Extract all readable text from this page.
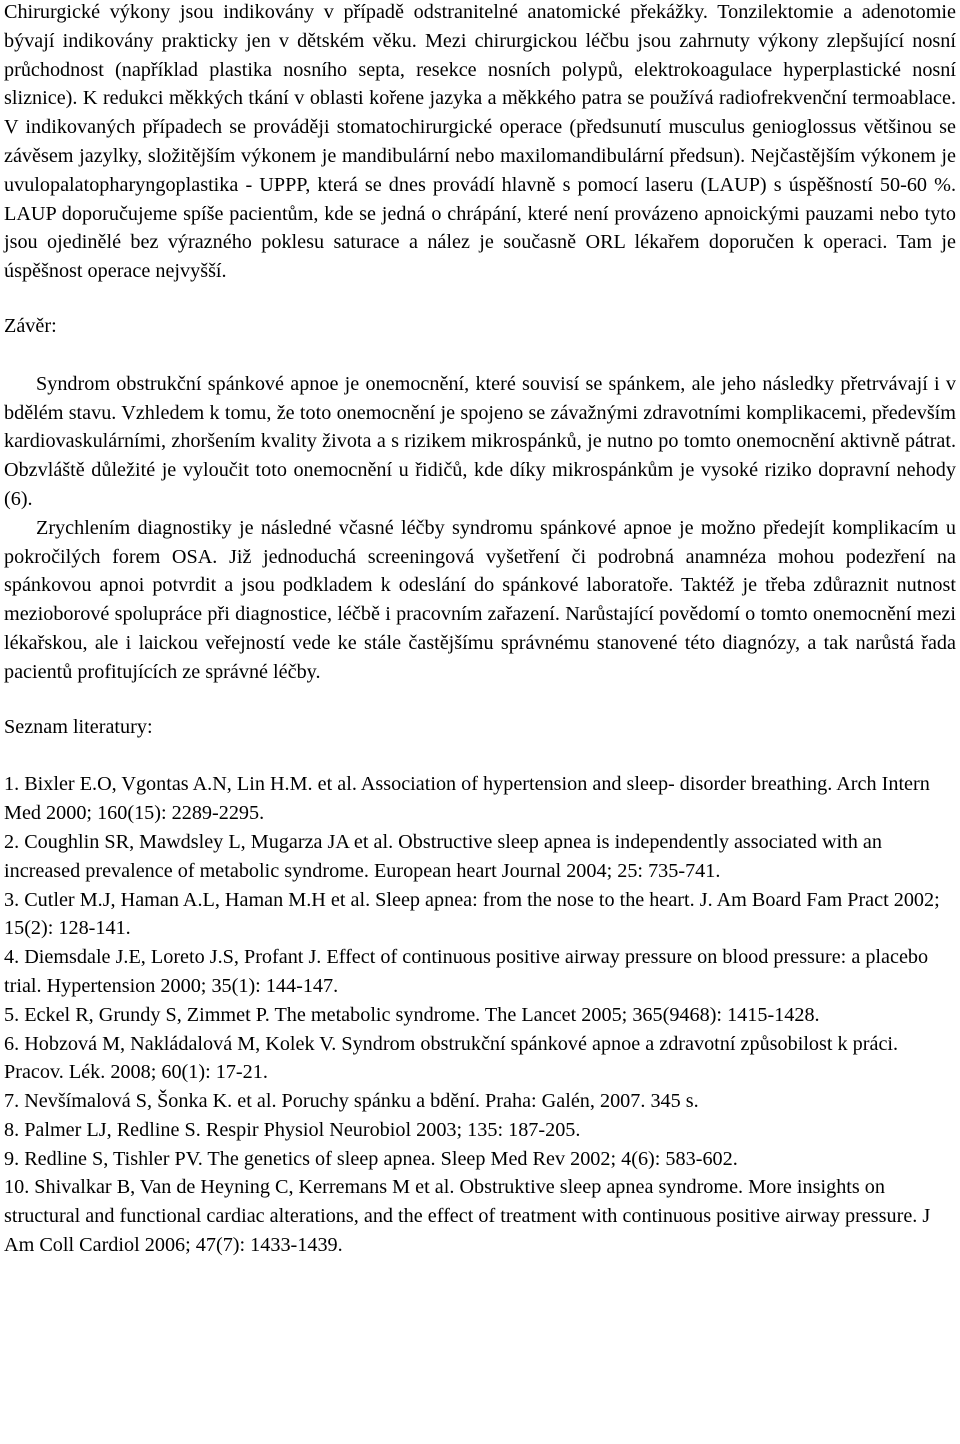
Chirurgické výkony jsou indikovány v případě odstranitelné anatomické překážky. Tonzilektomie a adenotomie bývají indikovány prakticky jen v dětském věku. Mezi chirurgickou léčbu jsou zahrnuty výkony zlepšující nosní průchodnost (například plastika nosního septa, resekce nosních polypů, elektrokoagulace hyperplastické nosní sliznice). K redukci měkkých tkání v oblasti kořene jazyka a měkkého patra se používá radiofrekvenční termoablace. V indikovaných případech se prováději stomatochirurgické operace (předsunutí musculus genioglossus většinou se závěsem jazylky, složitějším výkonem je mandibulární nebo maxilomandibulární předsun). Nejčastějším výkonem je uvulopalatopharyngoplastika - UPPP, která se dnes provádí hlavně s pomocí laseru (LAUP) s úspěšností 50-60 %. LAUP doporučujeme spíše pacientům, kde se jedná o chrápání, které není provázeno apnoickými pauzami nebo tyto jsou ojedinělé bez výrazného poklesu saturace a nález je současně ORL lékařem doporučen k operaci. Tam je úspěšnost operace nejvyšší.

Závěr:

Syndrom obstrukční spánkové apnoe je onemocnění, které souvisí se spánkem, ale jeho následky přetrvávají i v bdělém stavu. Vzhledem k tomu, že toto onemocnění je spojeno se závažnými zdravotními komplikacemi, především kardiovaskulárními, zhoršením kvality života a s rizikem mikrospánků, je nutno po tomto onemocnění aktivně pátrat. Obzvláště důležité je vyloučit toto onemocnění u řidičů, kde díky mikrospánkům je vysoké riziko dopravní nehody (6).

Zrychlením diagnostiky je následné včasné léčby syndromu spánkové apnoe je možno předejít komplikacím u pokročilých forem OSA. Již jednoduchá screeningová vyšetření či podrobná anamnéza mohou podezření na spánkovou apnoi potvrdit a jsou podkladem k odeslání do spánkové laboratoře. Taktéž je třeba zdůraznit nutnost mezioborové spolupráce při diagnostice, léčbě i pracovním zařazení. Narůstající povědomí o tomto onemocnění mezi lékařskou, ale i laickou veřejností vede ke stále častějšímu správnému stanovené této diagnózy, a tak narůstá řada pacientů profitujících ze správné léčby.

Seznam literatury:

1. Bixler E.O, Vgontas A.N, Lin H.M. et al. Association of hypertension and sleep- disorder breathing. Arch Intern Med 2000; 160(15): 2289-2295.
2. Coughlin SR, Mawdsley L, Mugarza JA et al. Obstructive sleep apnea is independently associated with an increased prevalence of metabolic syndrome. European heart Journal 2004; 25: 735-741.
3. Cutler M.J, Haman A.L, Haman M.H et al. Sleep apnea: from the nose to the heart. J. Am Board Fam Pract 2002; 15(2): 128-141.
4. Diemsdale J.E, Loreto J.S, Profant J. Effect of continuous positive airway pressure on blood pressure: a placebo trial. Hypertension 2000; 35(1): 144-147.
5. Eckel R, Grundy S, Zimmet P. The metabolic syndrome. The Lancet 2005; 365(9468): 1415-1428.
6. Hobzová M, Nakládalová M, Kolek V. Syndrom obstrukční spánkové apnoe a zdravotní způsobilost k práci. Pracov. Lék. 2008; 60(1): 17-21.
7. Nevšímalová S, Šonka K. et al. Poruchy spánku a bdění. Praha: Galén, 2007. 345 s.
8. Palmer LJ, Redline S. Respir Physiol Neurobiol 2003; 135: 187-205.
9. Redline S, Tishler PV. The genetics of sleep apnea. Sleep Med Rev 2002; 4(6): 583-602.
10. Shivalkar B, Van de Heyning C, Kerremans M et al. Obstruktive sleep apnea syndrome. More insights on structural and functional cardiac alterations, and the effect of treatment with continuous positive airway pressure. J Am Coll Cardiol 2006; 47(7): 1433-1439.
